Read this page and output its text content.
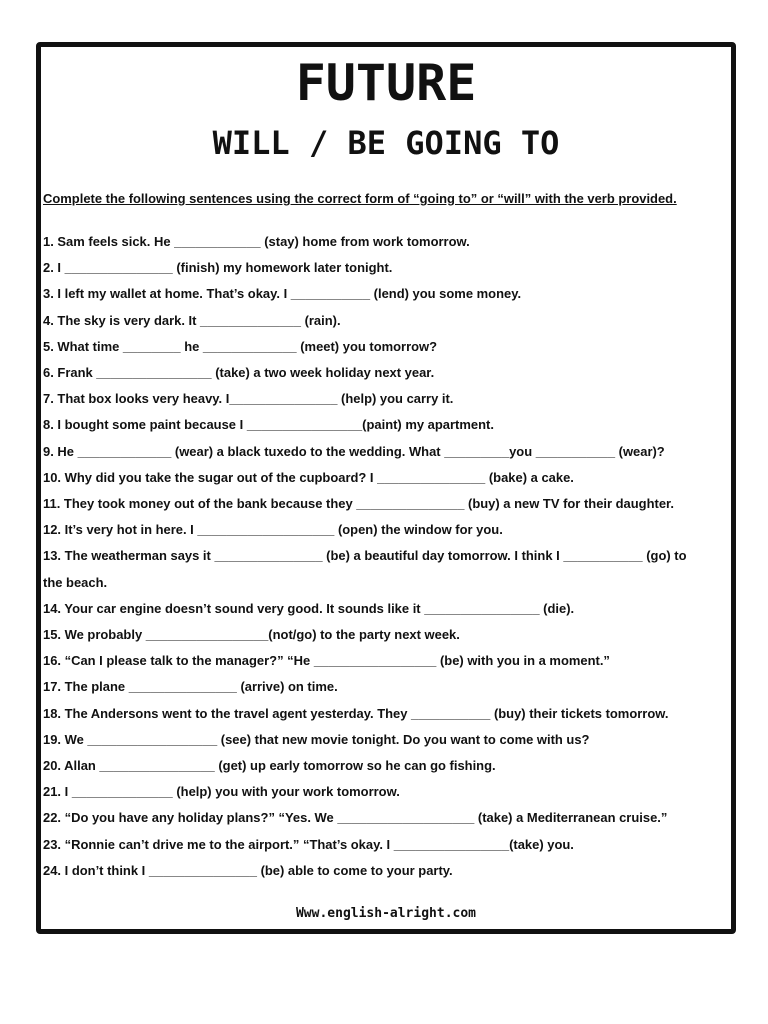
FUTURE
WILL / BE GOING TO

Complete the following sentences using the correct form of “going to” or “will” with the verb provided.

1. Sam feels sick. He ____________ (stay) home from work tomorrow.
2. I _______________ (finish) my homework later tonight.
3. I left my wallet at home. That’s okay. I ___________ (lend) you some money.
4. The sky is very dark. It ______________ (rain).
5. What time ________ he _____________ (meet) you tomorrow?
6. Frank ________________ (take) a two week holiday next year.
7. That box looks very heavy. I_______________ (help) you carry it.
8. I bought some paint because I ________________(paint) my apartment.
9. He _____________ (wear) a black tuxedo to the wedding. What _________you ___________ (wear)?
10. Why did you take the sugar out of the cupboard? I _______________ (bake) a cake.
11. They took money out of the bank because they _______________ (buy) a new TV for their daughter.
12. It’s very hot in here. I ___________________ (open) the window for you.
13. The weatherman says it _______________ (be) a beautiful day tomorrow. I think I ___________ (go) to
the beach.
14. Your car engine doesn’t sound very good. It sounds like it ________________ (die).
15. We probably _________________(not/go) to the party next week.
16. “Can I please talk to the manager?” “He _________________ (be) with you in a moment.”
17. The plane _______________ (arrive) on time.
18. The Andersons went to the travel agent yesterday. They ___________ (buy) their tickets tomorrow.
19. We __________________ (see) that new movie tonight. Do you want to come with us?
20. Allan ________________ (get) up early tomorrow so he can go fishing.
21. I ______________ (help) you with your work tomorrow.
22. “Do you have any holiday plans?” “Yes. We ___________________ (take) a Mediterranean cruise.”
23. “Ronnie can’t drive me to the airport.” “That’s okay. I ________________(take) you.
24. I don’t think I _______________ (be) able to come to your party.

Www.english-alright.com
